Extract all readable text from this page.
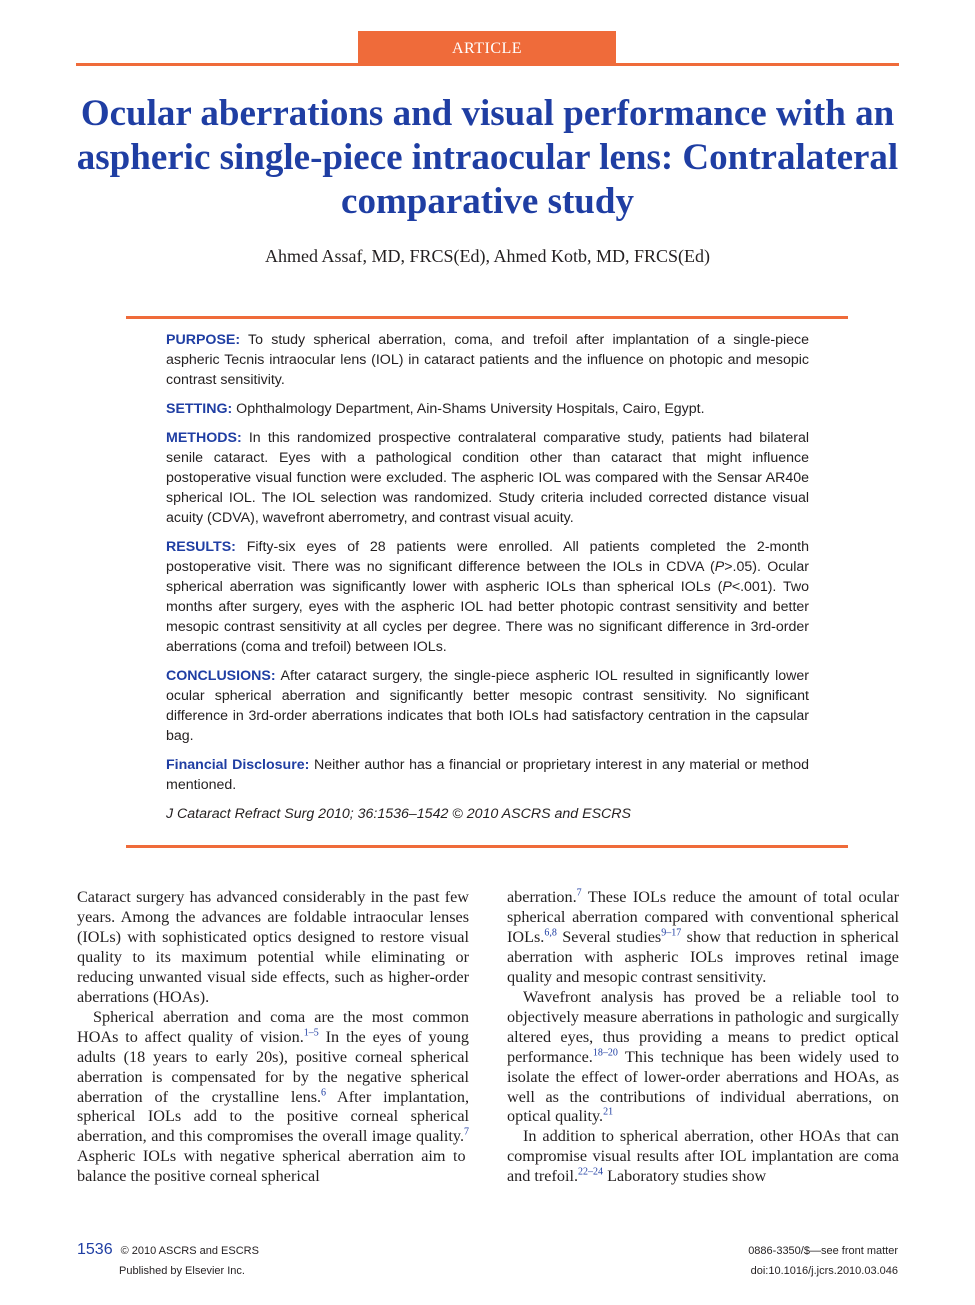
ARTICLE
Ocular aberrations and visual performance with an aspheric single-piece intraocular lens: Contralateral comparative study
Ahmed Assaf, MD, FRCS(Ed), Ahmed Kotb, MD, FRCS(Ed)

PURPOSE: To study spherical aberration, coma, and trefoil after implantation of a single-piece aspheric Tecnis intraocular lens (IOL) in cataract patients and the influence on photopic and mesopic contrast sensitivity.

SETTING: Ophthalmology Department, Ain-Shams University Hospitals, Cairo, Egypt.

METHODS: In this randomized prospective contralateral comparative study, patients had bilateral senile cataract. Eyes with a pathological condition other than cataract that might influence postoperative visual function were excluded. The aspheric IOL was compared with the Sensar AR40e spherical IOL. The IOL selection was randomized. Study criteria included corrected distance visual acuity (CDVA), wavefront aberrometry, and contrast visual acuity.

RESULTS: Fifty-six eyes of 28 patients were enrolled. All patients completed the 2-month postoperative visit. There was no significant difference between the IOLs in CDVA (P>.05). Ocular spherical aberration was significantly lower with aspheric IOLs than spherical IOLs (P<.001). Two months after surgery, eyes with the aspheric IOL had better photopic contrast sensitivity and better mesopic contrast sensitivity at all cycles per degree. There was no significant difference in 3rd-order aberrations (coma and trefoil) between IOLs.

CONCLUSIONS: After cataract surgery, the single-piece aspheric IOL resulted in significantly lower ocular spherical aberration and significantly better mesopic contrast sensitivity. No significant difference in 3rd-order aberrations indicates that both IOLs had satisfactory centration in the capsular bag.

Financial Disclosure: Neither author has a financial or proprietary interest in any material or method mentioned.

J Cataract Refract Surg 2010; 36:1536–1542 © 2010 ASCRS and ESCRS

Cataract surgery has advanced considerably in the past few years. Among the advances are foldable intraocular lenses (IOLs) with sophisticated optics designed to restore visual quality to its maximum potential while eliminating or reducing unwanted visual side effects, such as higher-order aberrations (HOAs).

Spherical aberration and coma are the most common HOAs to affect quality of vision.$^{1-5}$ In the eyes of young adults (18 years to early 20s), positive corneal spherical aberration is compensated for by the negative spherical aberration of the crystalline lens.$^6$ After implantation, spherical IOLs add to the positive corneal spherical aberration, and this compromises the overall image quality.$^7$ Aspheric IOLs with negative spherical aberration aim to balance the positive corneal spherical

aberration.$^7$ These IOLs reduce the amount of total ocular spherical aberration compared with conventional spherical IOLs.$^{6,8}$ Several studies$^{9-17}$ show that reduction in spherical aberration with aspheric IOLs improves retinal image quality and mesopic contrast sensitivity.

Wavefront analysis has proved be a reliable tool to objectively measure aberrations in pathologic and surgically altered eyes, thus providing a means to predict optical performance.$^{18-20}$ This technique has been widely used to isolate the effect of lower-order aberrations and HOAs, as well as the contributions of individual aberrations, on optical quality.$^{21}$

In addition to spherical aberration, other HOAs that can compromise visual results after IOL implantation are coma and trefoil.$^{22-24}$ Laboratory studies show

1536 © 2010 ASCRS and ESCRS
Published by Elsevier Inc.
0886-3350/$—see front matter
doi:10.1016/j.jcrs.2010.03.046
